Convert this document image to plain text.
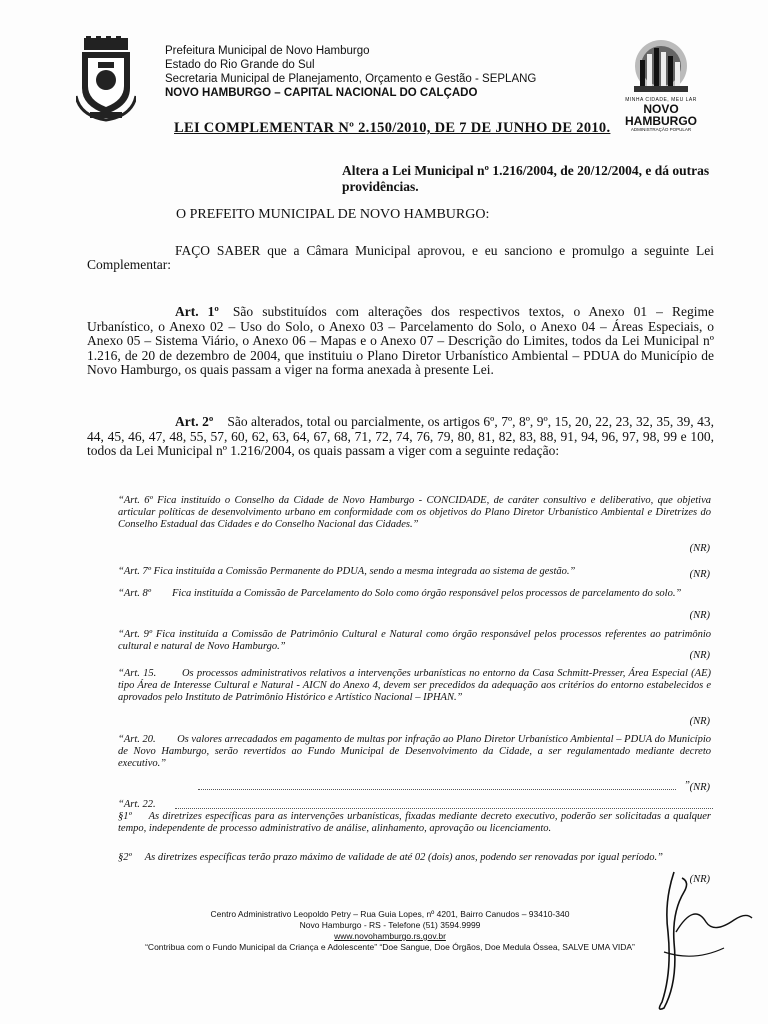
Prefeitura Municipal de Novo Hamburgo
Estado do Rio Grande do Sul
Secretaria Municipal de Planejamento, Orçamento e Gestão - SEPLANG
NOVO HAMBURGO – CAPITAL NACIONAL DO CALÇADO
MINHA CIDADE, MEU LAR
NOVO HAMBURGO
ADMINISTRAÇÃO POPULAR
LEI COMPLEMENTAR Nº 2.150/2010, DE 7 DE JUNHO DE 2010.
Altera a Lei Municipal nº 1.216/2004, de 20/12/2004, e dá outras providências.
O PREFEITO MUNICIPAL DE NOVO HAMBURGO:
FAÇO SABER que a Câmara Municipal aprovou, e eu sanciono e promulgo a seguinte Lei Complementar:
Art. 1º São substituídos com alterações dos respectivos textos, o Anexo 01 – Regime Urbanístico, o Anexo 02 – Uso do Solo, o Anexo 03 – Parcelamento do Solo, o Anexo 04 – Áreas Especiais, o Anexo 05 – Sistema Viário, o Anexo 06 – Mapas e o Anexo 07 – Descrição do Limites, todos da Lei Municipal nº 1.216, de 20 de dezembro de 2004, que instituiu o Plano Diretor Urbanístico Ambiental – PDUA do Município de Novo Hamburgo, os quais passam a viger na forma anexada à presente Lei.
Art. 2º São alterados, total ou parcialmente, os artigos 6º, 7º, 8º, 9º, 15, 20, 22, 23, 32, 35, 39, 43, 44, 45, 46, 47, 48, 55, 57, 60, 62, 63, 64, 67, 68, 71, 72, 74, 76, 79, 80, 81, 82, 83, 88, 91, 94, 96, 97, 98, 99 e 100, todos da Lei Municipal nº 1.216/2004, os quais passam a viger com a seguinte redação:
“Art. 6º Fica instituído o Conselho da Cidade de Novo Hamburgo - CONCIDADE, de caráter consultivo e deliberativo, que objetiva articular políticas de desenvolvimento urbano em conformidade com os objetivos do Plano Diretor Urbanístico Ambiental e Diretrizes do Conselho Estadual das Cidades e do Conselho Nacional das Cidades.”
(NR)
“Art. 7º Fica instituída a Comissão Permanente do PDUA, sendo a mesma integrada ao sistema de gestão.”	(NR)
“Art. 8º        Fica instituída a Comissão de Parcelamento do Solo como órgão responsável pelos processos de parcelamento do solo.”
(NR)
“Art. 9º Fica instituída a Comissão de Patrimônio Cultural e Natural como órgão responsável pelos processos referentes ao patrimônio cultural e natural de Novo Hamburgo.”
(NR)
“Art. 15.        Os processos administrativos relativos a intervenções urbanísticas no entorno da Casa Schmitt-Presser, Área Especial (AE) tipo Área de Interesse Cultural e Natural - AICN do Anexo 4, devem ser precedidos da adequação aos critérios do entorno estabelecidos e aprovados pelo Instituto de Patrimônio Histórico e Artístico Nacional – IPHAN.”
(NR)
“Art. 20.        Os valores arrecadados em pagamento de multas por infração ao Plano Diretor Urbanístico Ambiental – PDUA do Município de Novo Hamburgo, serão revertidos ao Fundo Municipal de Desenvolvimento da Cidade, a ser regulamentado mediante decreto executivo.”
” (NR)
“Art. 22.
§1º     As diretrizes específicas para as intervenções urbanísticas, fixadas mediante decreto executivo, poderão ser solicitadas a qualquer tempo, independente de processo administrativo de análise, alinhamento, aprovação ou licenciamento.
§2º     As diretrizes específicas terão prazo máximo de validade de até 02 (dois) anos, podendo ser renovadas por igual período.”
(NR)
Centro Administrativo Leopoldo Petry – Rua Guia Lopes, nº 4201, Bairro Canudos – 93410-340
Novo Hamburgo - RS - Telefone (51) 3594.9999
www.novohamburgo.rs.gov.br
“Contribua com o Fundo Municipal da Criança e Adolescente” “Doe Sangue, Doe Órgãos, Doe Medula Óssea, SALVE UMA VIDA”
